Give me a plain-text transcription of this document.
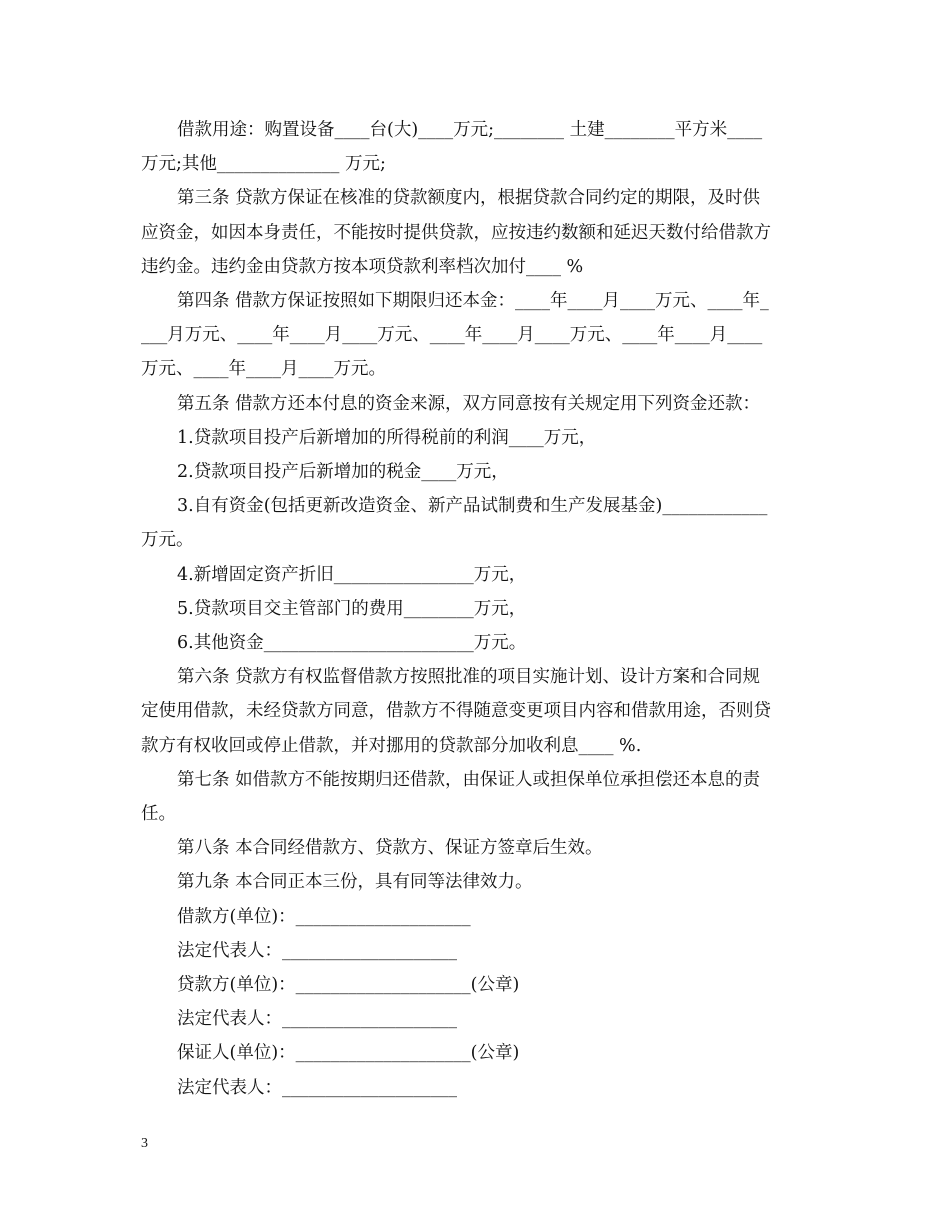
借款用途：购置设备____台(大)____万元;________ 土建________平方米____

万元;其他______________ 万元;

第三条 贷款方保证在核准的贷款额度内，根据贷款合同约定的期限，及时供

应资金，如因本身责任，不能按时提供贷款，应按违约数额和延迟天数付给借款方

违约金。违约金由贷款方按本项贷款利率档次加付____ %

第四条 借款方保证按照如下期限归还本金：____年____月____万元、____年_

___月万元、____年____月____万元、____年____月____万元、____年____月____

万元、____年____月____万元。

第五条 借款方还本付息的资金来源，双方同意按有关规定用下列资金还款：

1.贷款项目投产后新增加的所得税前的利润____万元，

2.贷款项目投产后新增加的税金____万元，

3.自有资金(包括更新改造资金、新产品试制费和生产发展基金)____________

万元。

4.新增固定资产折旧________________万元，

5.贷款项目交主管部门的费用________万元，

6.其他资金________________________万元。

第六条 贷款方有权监督借款方按照批准的项目实施计划、设计方案和合同规

定使用借款，未经贷款方同意，借款方不得随意变更项目内容和借款用途，否则贷

款方有权收回或停止借款，并对挪用的贷款部分加收利息____ %.

第七条 如借款方不能按期归还借款，由保证人或担保单位承担偿还本息的责

任。

第八条 本合同经借款方、贷款方、保证方签章后生效。

第九条 本合同正本三份，具有同等法律效力。

借款方(单位)：____________________

法定代表人：____________________

贷款方(单位)：____________________(公章)

法定代表人：____________________

保证人(单位)：____________________(公章)

法定代表人：____________________

3
